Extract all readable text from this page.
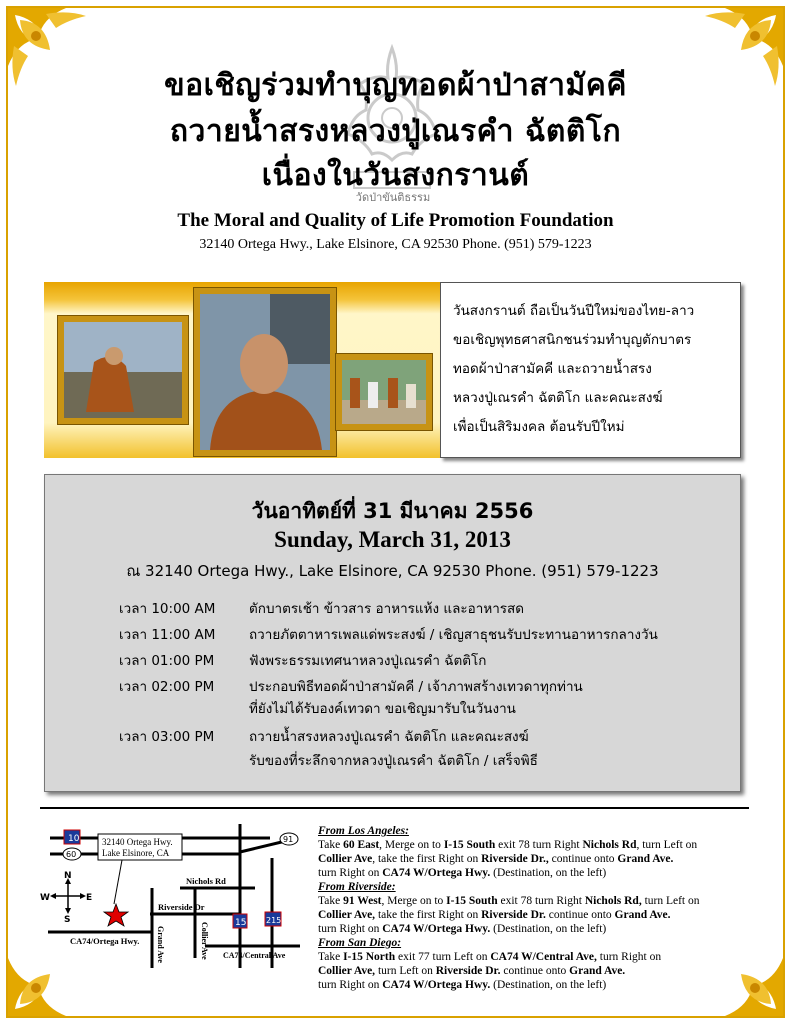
วัดป่าขันติธรรม
ขอเชิญร่วมทำบุญทอดผ้าป่าสามัคคี
ถวายน้ำสรงหลวงปู่เณรคำ ฉัตติโก
เนื่องในวันสงกรานต์
The Moral and Quality of Life Promotion Foundation
32140 Ortega Hwy., Lake Elsinore, CA 92530 Phone. (951) 579-1223

วันสงกรานต์ ถือเป็นวันปีใหม่ของไทย-ลาว

ขอเชิญพุทธศาสนิกชนร่วมทำบุญตักบาตร

ทอดผ้าป่าสามัคคี และถวายน้ำสรง

หลวงปู่เณรคำ ฉัตติโก และคณะสงฆ์

เพื่อเป็นสิริมงคล ต้อนรับปีใหม่

วันอาทิตย์ที่ 31 มีนาคม 2556
Sunday, March 31, 2013
ณ 32140 Ortega Hwy., Lake Elsinore, CA 92530 Phone. (951) 579-1223
เวลา 10:00 AM	ตักบาตรเช้า ข้าวสาร อาหารแห้ง และอาหารสด
เวลา 11:00 AM	ถวายภัตตาหารเพลแด่พระสงฆ์ / เชิญสาธุชนรับประทานอาหารกลางวัน
เวลา 01:00 PM	ฟังพระธรรมเทศนาหลวงปู่เณรคำ ฉัตติโก
เวลา 02:00 PM	ประกอบพิธีทอดผ้าป่าสามัคคี / เจ้าภาพสร้างเทวดาทุกท่าน
ที่ยังไม่ได้รับองค์เทวดา ขอเชิญมารับในวันงาน
เวลา 03:00 PM	ถวายน้ำสรงหลวงปู่เณรคำ ฉัตติโก และคณะสงฆ์
รับของที่ระลึกจากหลวงปู่เณรคำ ฉัตติโก / เสร็จพิธี
32140 Ortega Hwy.
Lake Elsinore, CA
10
60
91
15 215
Nichols Rd
Riverside Dr
CA74/Ortega Hwy.
CA74/Central Ave
Collier Ave
Grand Ave
N
S
W	E
From Los Angeles:
Take 60 East, Merge on to I-15 South exit 78 turn Right Nichols Rd, turn Left on
Collier Ave, take the first Right on Riverside Dr., continue onto Grand Ave.
turn Right on CA74 W/Ortega Hwy. (Destination, on the left)
From Riverside:
Take 91 West, Merge on to I-15 South exit 78 turn Right Nichols Rd, turn Left on
Collier Ave, take the first Right on Riverside Dr. continue onto Grand Ave.
turn Right on CA74 W/Ortega Hwy. (Destination, on the left)
From San Diego:
Take I-15 North exit 77 turn Left on CA74 W/Central Ave, turn Right on
Collier Ave, turn Left on Riverside Dr. continue onto Grand Ave.
turn Right on CA74 W/Ortega Hwy. (Destination, on the left)
